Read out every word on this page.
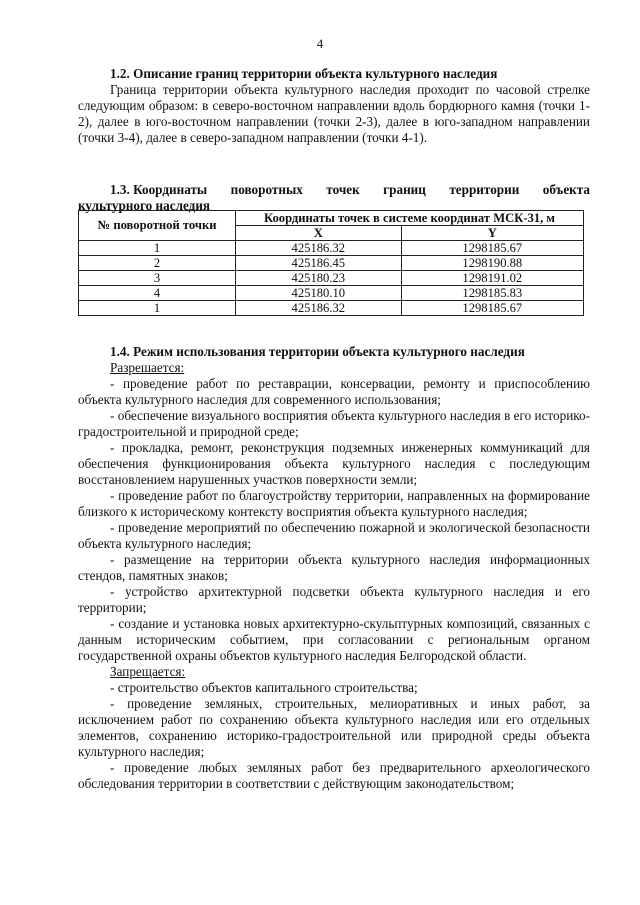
4
1.2. Описание границ территории объекта культурного наследия
Граница территории объекта культурного наследия проходит по часовой стрелке следующим образом: в северо-восточном направлении вдоль бордюрного камня (точки 1-2), далее в юго-восточном направлении (точки 2-3), далее в юго-западном направлении (точки 3-4), далее в северо-западном направлении (точки 4-1).
1.3. Координаты поворотных точек границ территории объекта
культурного наследия
№ поворотной точки	Координаты точек в системе координат МСК-31, м	
	X	Y
1	425186.32	1298185.67
2	425186.45	1298190.88
3	425180.23	1298191.02
4	425180.10	1298185.83
1	425186.32	1298185.67
1.4. Режим использования территории объекта культурного наследия
Разрешается:
- проведение работ по реставрации, консервации, ремонту и приспособлению объекта культурного наследия для современного использования;
- обеспечение визуального восприятия объекта культурного наследия в его историко-градостроительной и природной среде;
- прокладка, ремонт, реконструкция подземных инженерных коммуникаций для обеспечения функционирования объекта культурного наследия с последующим восстановлением нарушенных участков поверхности земли;
- проведение работ по благоустройству территории, направленных на формирование близкого к историческому контексту восприятия объекта культурного наследия;
- проведение мероприятий по обеспечению пожарной и экологической безопасности объекта культурного наследия;
- размещение на территории объекта культурного наследия информационных стендов, памятных знаков;
- устройство архитектурной подсветки объекта культурного наследия и его территории;
- создание и установка новых архитектурно-скульптурных композиций, связанных с данным историческим событием, при согласовании с региональным органом государственной охраны объектов культурного наследия Белгородской области.
Запрещается:
- строительство объектов капитального строительства;
- проведение земляных, строительных, мелиоративных и иных работ, за исключением работ по сохранению объекта культурного наследия или его отдельных элементов, сохранению историко-градостроительной или природной среды объекта культурного наследия;
- проведение любых земляных работ без предварительного археологического обследования территории в соответствии с действующим законодательством;
